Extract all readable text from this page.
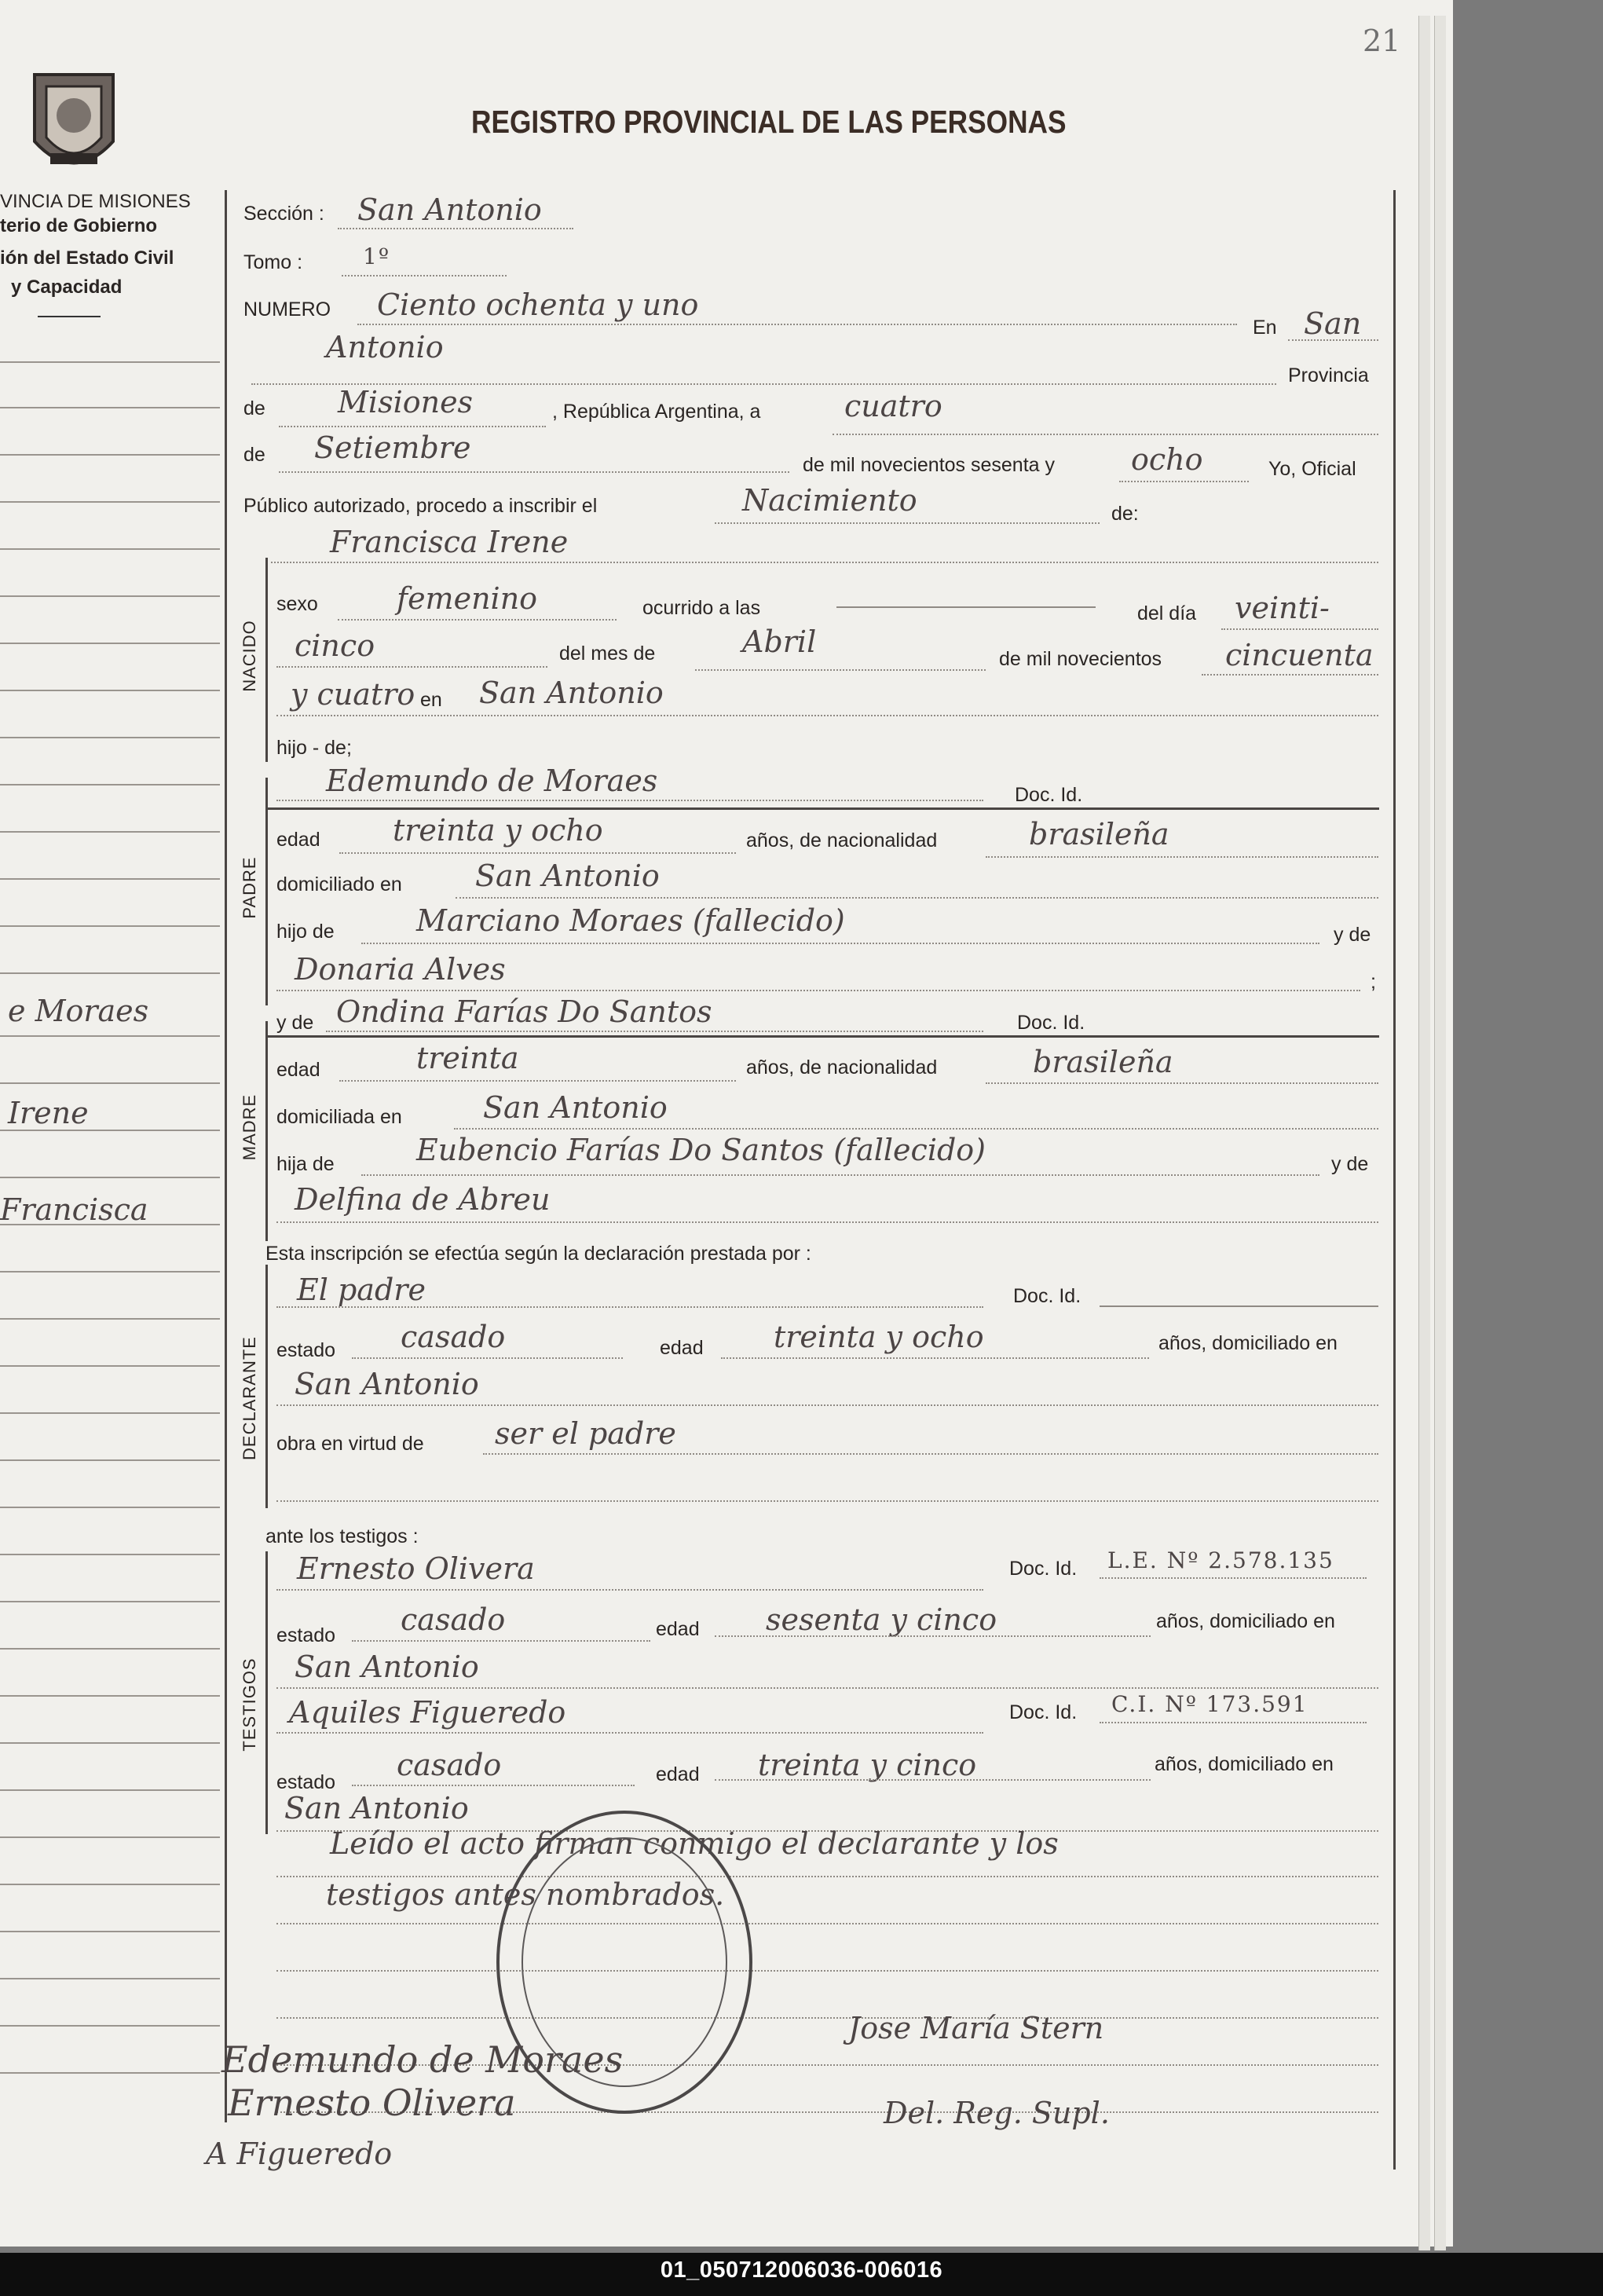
21
VINCIA DE MISIONES
terio de Gobierno
ión del Estado Civil
y Capacidad
REGISTRO PROVINCIAL DE LAS PERSONAS
e Moraes
Irene
Francisca
Sección : San Antonio
Tomo :	1º
NUMERO Ciento ochenta y uno
En San
Antonio
Provincia
de Misiones	, República Argentina, a	cuatro
de Setiembre	de mil novecientos sesenta y	ocho	Yo, Oficial
Público autorizado, procedo a inscribir el	Nacimiento	de:
Francisca Irene
NACIDO
sexo	femenino	ocurrido a las	del día veinti-
cinco	del mes de	Abril	de mil novecientos cincuenta
y cuatro en San Antonio
hijo - de;
PADRE
Edemundo de Moraes	Doc. Id.
edad treinta y ocho	años, de nacionalidad	brasileña
domiciliado en San Antonio
hijo de	Marciano Moraes (fallecido)	y de
Donaria Alves	;
MADRE
y de Ondina Farías Do Santos	Doc. Id.
edad	treinta	años, de nacionalidad	brasileña
domiciliada en	San Antonio
hija de	Eubencio Farías Do Santos (fallecido)	y de
Delfina de Abreu
Esta inscripción se efectúa según la declaración prestada por :
DECLARANTE
El padre	Doc. Id.
estado casado	edad treinta y ocho	años, domiciliado en
San Antonio
obra en virtud de ser el padre
ante los testigos :
TESTIGOS
Ernesto Olivera	Doc. Id. L.E. Nº 2.578.135
estado casado	edad sesenta y cinco	años, domiciliado en
San Antonio
Aquiles Figueredo	Doc. Id. C.I. Nº 173.591
estado casado	edad treinta y cinco	años, domiciliado en
San Antonio
Leído el acto firman conmigo el declarante y los
testigos antes nombrados.
Jose María Stern
Del. Reg. Supl.
Edemundo de Moraes
Ernesto Olivera
A Figueredo
01_050712006036-006016
